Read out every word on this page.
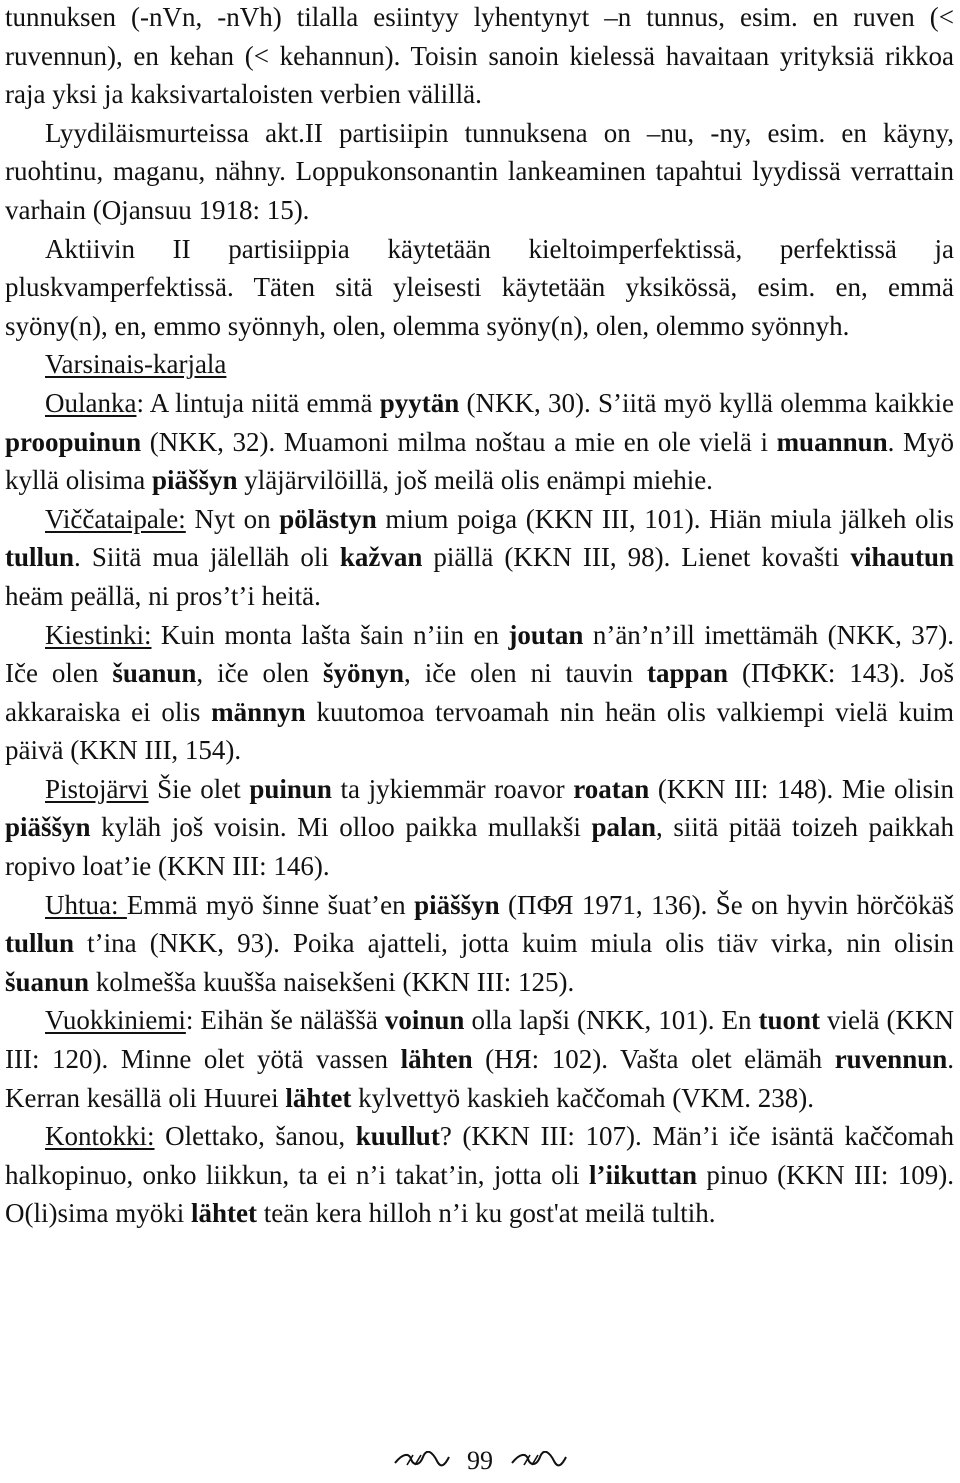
tunnuksen (-nVn, -nVh) tilalla esiintyy lyhentynyt –n tunnus, esim. en ruven (< ruvennun), en kehan (< kehannun). Toisin sanoin kielessä havaitaan yrityksiä rikkoa raja yksi ja kaksivartaloisten verbien välillä.

Lyydiläismurteissa akt.II partisiipin tunnuksena on –nu, -ny, esim. en käyny, ruohtinu, maganu, nähny. Loppukonsonantin lankeaminen tapahtui lyydissä verrattain varhain (Ojansuu 1918: 15).

Aktiivin II partisiippia käytetään kieltoimperfektissä, perfektissä ja pluskvamperfektissä. Täten sitä yleisesti käytetään yksikössä, esim. en, emmä syöny(n), en, emmo syönnyh, olen, olemma syöny(n), olen, olemmo syönnyh.

Varsinais-karjala

Oulanka: A lintuja niitä emmä pyytän (NKK, 30). S’iitä myö kyllä olemma kaikkie proopuinun (NKK, 32). Muamoni milma noštau a mie en ole vielä i muannun. Myö kyllä olisima piäššyn yläjärvilöillä, još meilä olis enämpi miehie.

Viččataipale: Nyt on pölästyn mium poiga (KKN III, 101). Hiän miula jälkeh olis tullun. Siitä mua jälelläh oli kažvan piällä (KKN III, 98). Lienet kovašti vihautun heäm peällä, ni pros’t’i heitä.

Kiestinki: Kuin monta lašta šain n’iin en joutan n’än’n’ill imettämäh (NKK, 37). Iče olen šuanun, iče olen šyönyn, iče olen ni tauvin tappan (ПФКК: 143). Još akkaraiska ei olis männyn kuutomoa tervoamah nin heän olis valkiempi vielä kuim päivä (KKN III, 154).

Pistojärvi Šie olet puinun ta jykiemmär roavor roatan (KKN III: 148). Mie olisin piäššyn kyläh još voisin. Mi olloo paikka mullakši palan, siitä pitää toizeh paikkah ropivo loat’ie (KKN III: 146).

Uhtua: Emmä myö šinne šuat’en piäššyn (ПФЯ 1971, 136). Še on hyvin hörčökäš tullun t’ina (NKK, 93). Poika ajatteli, jotta kuim miula olis tiäv virka, nin olisin šuanun kolmešša kuušša naisekšeni (KKN III: 125).

Vuokkiniemi: Eihän še näläššä voinun olla lapši (NKK, 101). En tuont vielä (KKN III: 120). Minne olet yötä vassen lähten (НЯ: 102). Vašta olet elämäh ruvennun. Kerran kesällä oli Huurei lähtet kylvettyö kaskieh kaččomah (VKM. 238).

Kontokki: Olettako, šanou, kuullut? (KKN III: 107). Män’i iče isäntä kaččomah halkopinuo, onko liikkun, ta ei n’i takat’in, jotta oli l’iikuttan pinuo (KKN III: 109). O(li)sima myöki lähtet teän kera hilloh n’i ku gost'at meilä tultih.

99
